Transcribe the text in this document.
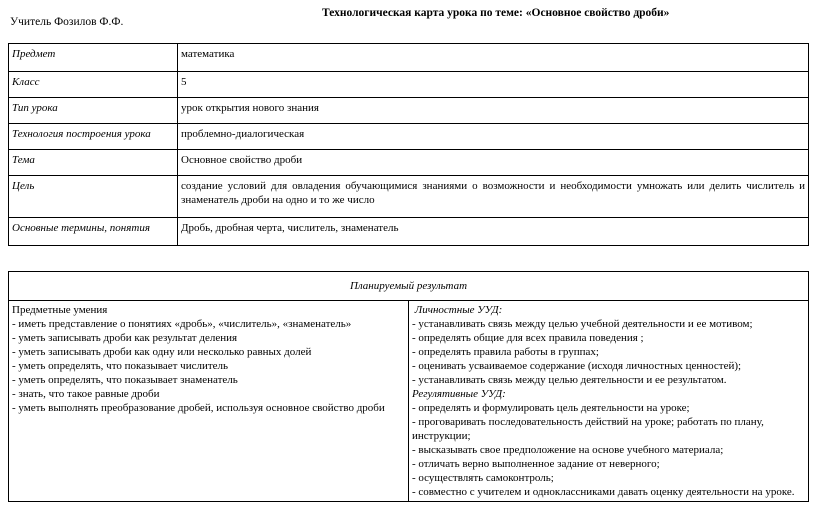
Технологическая карта урока по теме: «Основное свойство дроби»
Учитель Фозилов Ф.Ф.
Предмет	математика
Класс	5
Тип урока	урок открытия нового знания
Технология построения урока	проблемно-диалогическая
Тема	Основное свойство дроби
Цель	создание условий для овладения обучающимися знаниями о возможности и необходимости умножать или делить числитель и знаменатель дроби на одно и то же число
Основные термины, понятия	Дробь, дробная черта, числитель, знаменатель
Планируемый результат

Предметные умения
- иметь представление о понятиях «дробь», «числитель», «знаменатель»
- уметь записывать дроби как результат деления
- уметь записывать дроби как одну или несколько равных долей
- уметь определять, что показывает числитель
- уметь определять, что показывает знаменатель
- знать, что такое равные дроби
- уметь выполнять преобразование дробей, используя основное свойство дроби

Личностные УУД:
- устанавливать связь между целью учебной деятельности и ее мотивом;
- определять общие для всех правила поведения ;
- определять правила работы в группах;
- оценивать усваиваемое содержание (исходя личностных ценностей);
- устанавливать связь между целью деятельности и ее результатом.
Регулятивные УУД:
- определять и формулировать цель деятельности на уроке;
- проговаривать последовательность действий на уроке; работать по плану, инструкции;
- высказывать свое предположение на основе учебного материала;
- отличать верно выполненное задание от неверного;
- осуществлять самоконтроль;
- совместно с учителем и одноклассниками давать оценку деятельности на уроке.
